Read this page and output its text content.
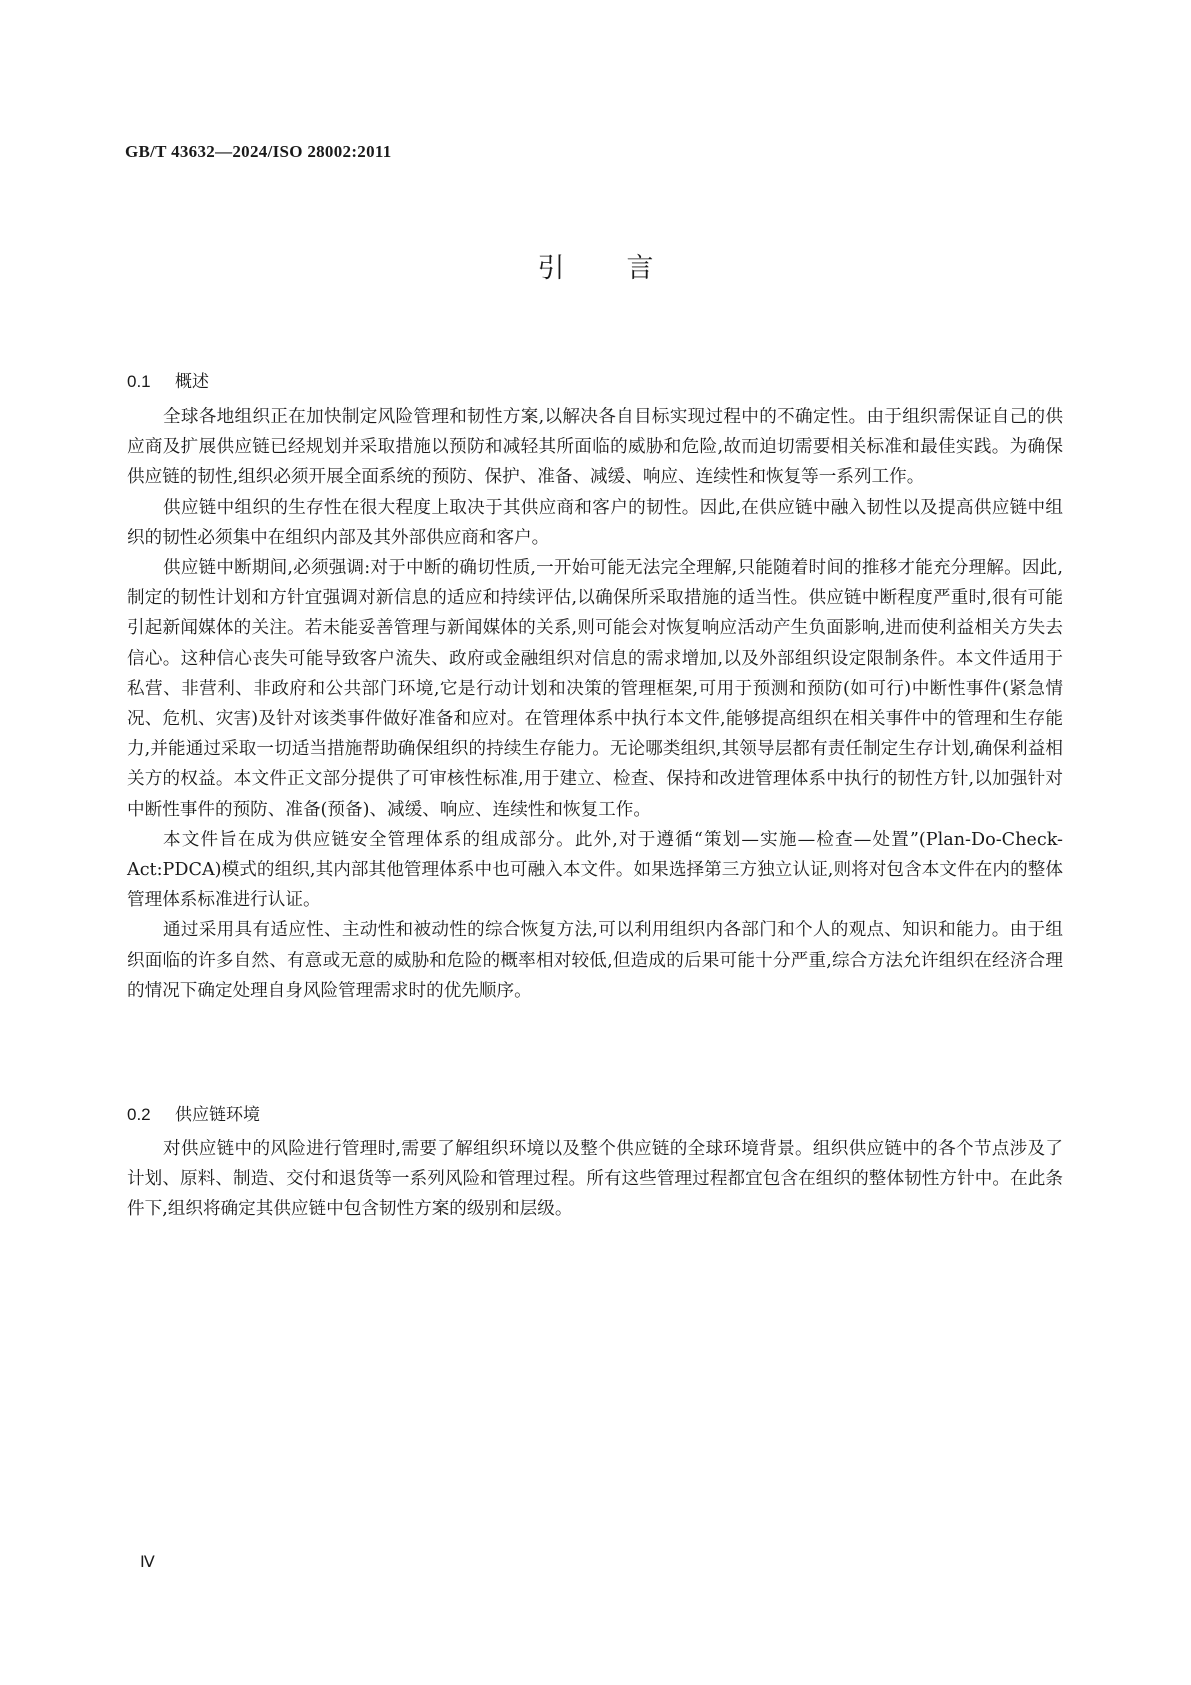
GB/T 43632—2024/ISO 28002:2011
引言
0.1 概述

全球各地组织正在加快制定风险管理和韧性方案,以解决各自目标实现过程中的不确定性。由于组织需保证自己的供应商及扩展供应链已经规划并采取措施以预防和减轻其所面临的威胁和危险,故而迫切需要相关标准和最佳实践。为确保供应链的韧性,组织必须开展全面系统的预防、保护、准备、减缓、响应、连续性和恢复等一系列工作。

供应链中组织的生存性在很大程度上取决于其供应商和客户的韧性。因此,在供应链中融入韧性以及提高供应链中组织的韧性必须集中在组织内部及其外部供应商和客户。

供应链中断期间,必须强调:对于中断的确切性质,一开始可能无法完全理解,只能随着时间的推移才能充分理解。因此,制定的韧性计划和方针宜强调对新信息的适应和持续评估,以确保所采取措施的适当性。供应链中断程度严重时,很有可能引起新闻媒体的关注。若未能妥善管理与新闻媒体的关系,则可能会对恢复响应活动产生负面影响,进而使利益相关方失去信心。这种信心丧失可能导致客户流失、政府或金融组织对信息的需求增加,以及外部组织设定限制条件。本文件适用于私营、非营利、非政府和公共部门环境,它是行动计划和决策的管理框架,可用于预测和预防(如可行)中断性事件(紧急情况、危机、灾害)及针对该类事件做好准备和应对。在管理体系中执行本文件,能够提高组织在相关事件中的管理和生存能力,并能通过采取一切适当措施帮助确保组织的持续生存能力。无论哪类组织,其领导层都有责任制定生存计划,确保利益相关方的权益。本文件正文部分提供了可审核性标准,用于建立、检查、保持和改进管理体系中执行的韧性方针,以加强针对中断性事件的预防、准备(预备)、减缓、响应、连续性和恢复工作。

本文件旨在成为供应链安全管理体系的组成部分。此外,对于遵循“策划—实施—检查—处置”(Plan-Do-Check-Act:PDCA)模式的组织,其内部其他管理体系中也可融入本文件。如果选择第三方独立认证,则将对包含本文件在内的整体管理体系标准进行认证。

通过采用具有适应性、主动性和被动性的综合恢复方法,可以利用组织内各部门和个人的观点、知识和能力。由于组织面临的许多自然、有意或无意的威胁和危险的概率相对较低,但造成的后果可能十分严重,综合方法允许组织在经济合理的情况下确定处理自身风险管理需求时的优先顺序。

0.2 供应链环境

对供应链中的风险进行管理时,需要了解组织环境以及整个供应链的全球环境背景。组织供应链中的各个节点涉及了计划、原料、制造、交付和退货等一系列风险和管理过程。所有这些管理过程都宜包含在组织的整体韧性方针中。在此条件下,组织将确定其供应链中包含韧性方案的级别和层级。

Ⅳ
